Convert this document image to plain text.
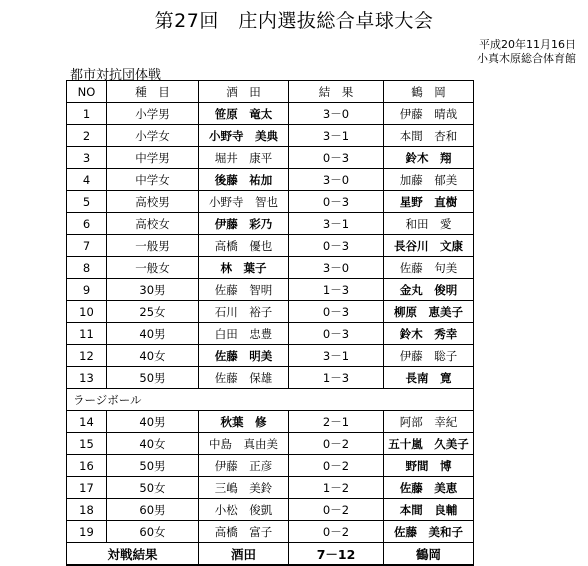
第27回　庄内選抜総合卓球大会
平成20年11月16日
小真木原総合体育館
都市対抗団体戦
NO	種　目	酒　田	結　果	鶴　岡
1	小学男	笹原　竜太	3－0	伊藤　晴哉
2	小学女	小野寺　美典	3－1	本間　杏和
3	中学男	堀井　康平	0－3	鈴木　翔
4	中学女	後藤　祐加	3－0	加藤　郁美
5	高校男	小野寺　智也	0－3	星野　直樹
6	高校女	伊藤　彩乃	3－1	和田　愛
7	一般男	高橋　優也	0－3	長谷川　文康
8	一般女	林　葉子	3－0	佐藤　句美
9	30男	佐藤　智明	1－3	金丸　俊明
10	25女	石川　裕子	0－3	柳原　恵美子
11	40男	白田　忠豊	0－3	鈴木　秀幸
12	40女	佐藤　明美	3－1	伊藤　聡子
13	50男	佐藤　保雄	1－3	長南　寛
ラージボール				
14	40男	秋葉　修	2－1	阿部　幸紀
15	40女	中島　真由美	0－2	五十嵐　久美子
16	50男	伊藤　正彦	0－2	野間　博
17	50女	三嶋　美鈴	1－2	佐藤　美恵
18	60男	小松　俊凱	0－2	本間　良輔
19	60女	高橋　富子	0－2	佐藤　美和子
対戦結果		酒田	7－12	鶴岡
